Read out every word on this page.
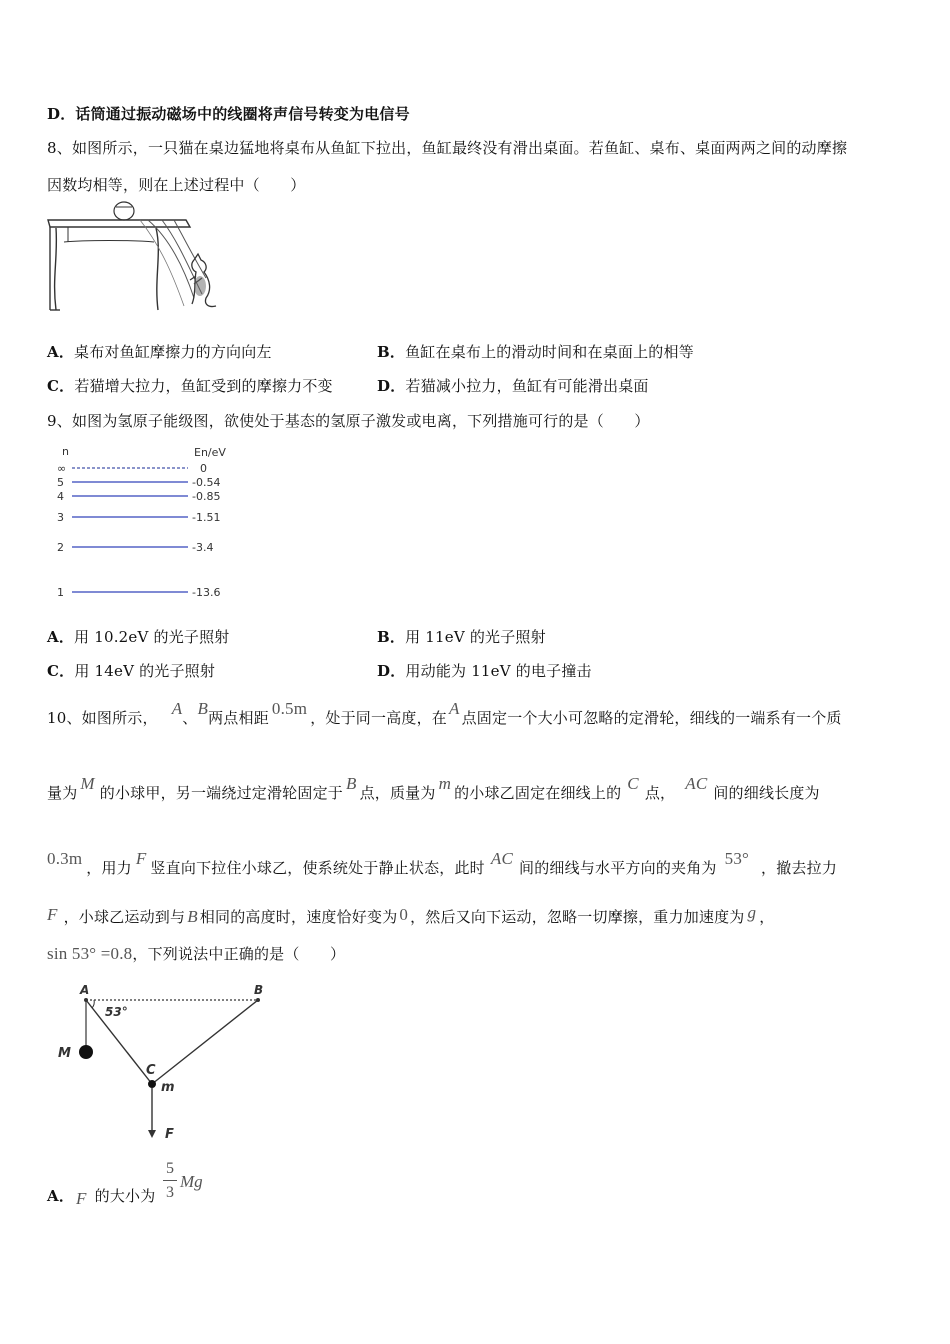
D．话筒通过振动磁场中的线圈将声信号转变为电信号
8、如图所示，一只猫在桌边猛地将桌布从鱼缸下拉出，鱼缸最终没有滑出桌面。若鱼缸、桌布、桌面两两之间的动摩擦
因数均相等，则在上述过程中（　　）
A．桌布对鱼缸摩擦力的方向向左	B．鱼缸在桌布上的滑动时间和在桌面上的相等
C．若猫增大拉力，鱼缸受到的摩擦力不变	D．若猫减小拉力，鱼缸有可能滑出桌面
9、如图为氢原子能级图，欲使处于基态的氢原子激发或电离，下列措施可行的是（　　）
n	En/eV
∞	0
5	-0.54
4	-0.85
3	-1.51
2	-3.4
1	-13.6
A．用 10.2eV 的光子照射	B．用 11eV 的光子照射
C．用 14eV 的光子照射	D．用动能为 11eV 的电子撞击
10、如图所示， A、B两点相距 0.5m ，处于同一高度，在 A 点固定一个大小可忽略的定滑轮，细线的一端系有一个质
量为 M 的小球甲，另一端绕过定滑轮固定于 B 点，质量为 m 的小球乙固定在细线上的 C 点， AC 间的细线长度为
0.3m ，用力 F 竖直向下拉住小球乙，使系统处于静止状态，此时 AC 间的细线与水平方向的夹角为 53° ，撤去拉力
F ，小球乙运动到与 B 相同的高度时，速度恰好变为 0 ，然后又向下运动，忽略一切摩擦，重力加速度为 g ，
sin 53° =0.8，下列说法中正确的是（　　）
A	B
53°
M
C
m
F
A． F 的大小为
5
3
Mg
